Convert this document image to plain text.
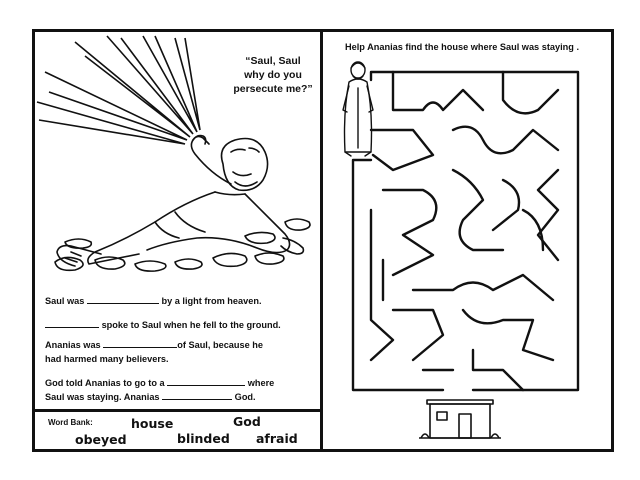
“Saul, Saul
why do you
persecute me?”
Saul was	by a light from heaven.
spoke to Saul when he fell to the ground.
Ananias was	of Saul, because he
had harmed many believers.
God told Ananias to go to a	where
Saul was staying. Ananias	God.
Word Bank:	house	God
obeyed	blinded afraid
Help Ananias find the house where Saul was staying .
